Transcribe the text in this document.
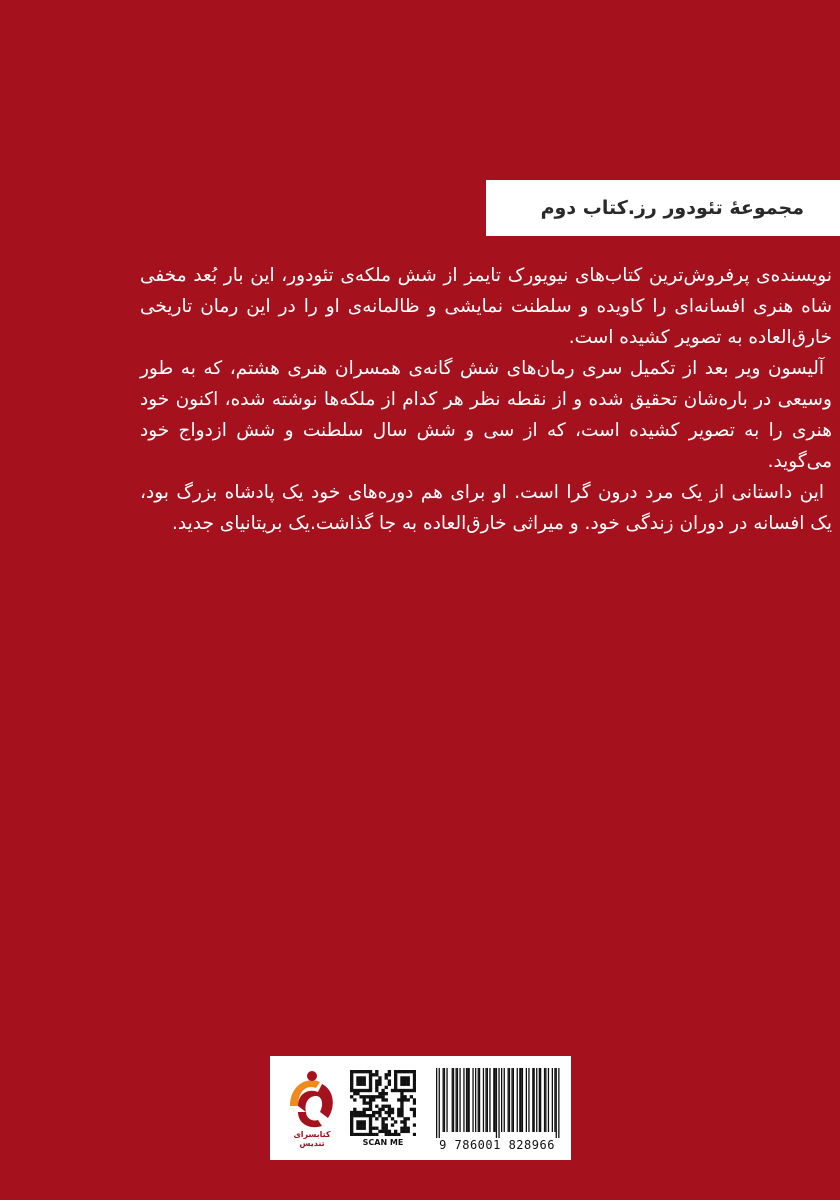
مجموعهٔ تئودور رز.کتاب دوم

نویسنده‌ی پرفروش‌ترین کتاب‌های نیویورک تایمز از شش ملکه‌ی تئودور، این بار بُعد مخفی شاه هنری افسانه‌ای را کاویده و سلطنت نمایشی و ظالمانه‌ی او را در این رمان تاریخی خارق‌العاده به تصویر کشیده است.

آلیسون ویر بعد از تکمیل سری رمان‌های شش گانه‌ی همسران هنری هشتم، که به طور وسیعی در باره‌شان تحقیق شده و از نقطه نظر هر کدام از ملکه‌ها نوشته شده، اکنون خود هنری را به تصویر کشیده است، که از سی و شش سال سلطنت و شش ازدواج خود می‌گوید.

این داستانی از یک مرد درون گرا است. او برای هم دوره‌های خود یک پادشاه بزرگ بود، یک افسانه در دوران زندگی خود. و میراثی خارق‌العاده به جا گذاشت.یک بریتانیای جدید.

9 786001 828966
SCAN ME
کتابسرای تندیس
